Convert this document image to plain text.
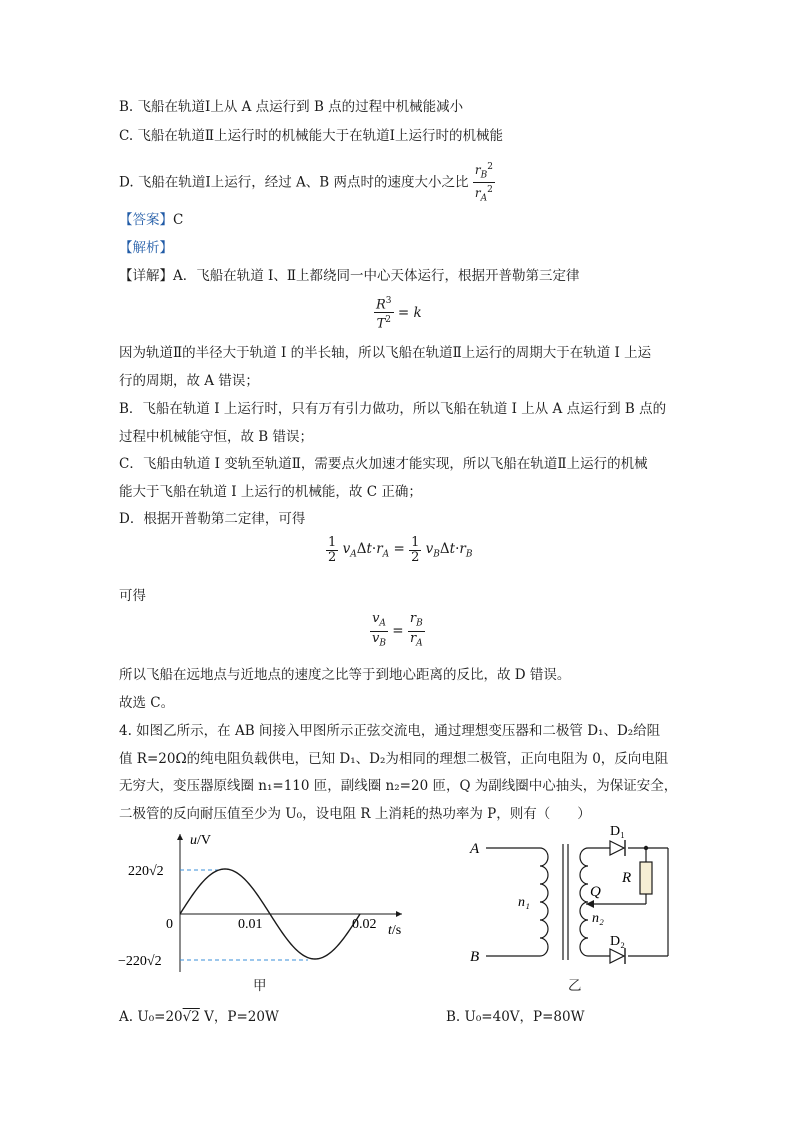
B. 飞船在轨道Ⅰ上从 A 点运行到 B 点的过程中机械能减小
C. 飞船在轨道Ⅱ上运行时的机械能大于在轨道Ⅰ上运行时的机械能
D. 飞船在轨道Ⅰ上运行，经过 A、B 两点时的速度大小之比 $\frac{r_B^2}{r_A^2}$
【答案】C
【解析】
【详解】A．飞船在轨道 I、Ⅱ上都绕同一中心天体运行，根据开普勒第三定律
$\frac{R^3}{T^2} = k$
因为轨道Ⅱ的半径大于轨道 I 的半长轴，所以飞船在轨道Ⅱ上运行的周期大于在轨道 I 上运
行的周期，故 A 错误；
B．飞船在轨道 I 上运行时，只有万有引力做功，所以飞船在轨道 I 上从 A 点运行到 B 点的
过程中机械能守恒，故 B 错误；
C．飞船由轨道 I 变轨至轨道Ⅱ，需要点火加速才能实现，所以飞船在轨道Ⅱ上运行的机械
能大于飞船在轨道 I 上运行的机械能，故 C 正确；
D．根据开普勒第二定律，可得
$\frac{1}{2} v_A\Delta t\cdot r_A = \frac{1}{2} v_B\Delta t\cdot r_B$
可得
$\frac{v_A}{v_B} = \frac{r_B}{r_A}$
所以飞船在远地点与近地点的速度之比等于到地心距离的反比，故 D 错误。
故选 C。
4. 如图乙所示，在 AB 间接入甲图所示正弦交流电，通过理想变压器和二极管 D₁、D₂给阻
值 R=20Ω的纯电阻负载供电，已知 D₁、D₂为相同的理想二极管，正向电阻为 0，反向电阻
无穷大，变压器原线圈 n₁=110 匝，副线圈 n₂=20 匝，Q 为副线圈中心抽头，为保证安全，
二极管的反向耐压值至少为 U₀，设电阻 R 上消耗的热功率为 P，则有（　　）
u/V
t/s
0	0.01	0.02
220√2
−220√2
甲
A
B
D₁
D₂
R
Q
n₁
n₂
乙
A. U₀=20√2 V，P=20W	B. U₀=40V，P=80W
